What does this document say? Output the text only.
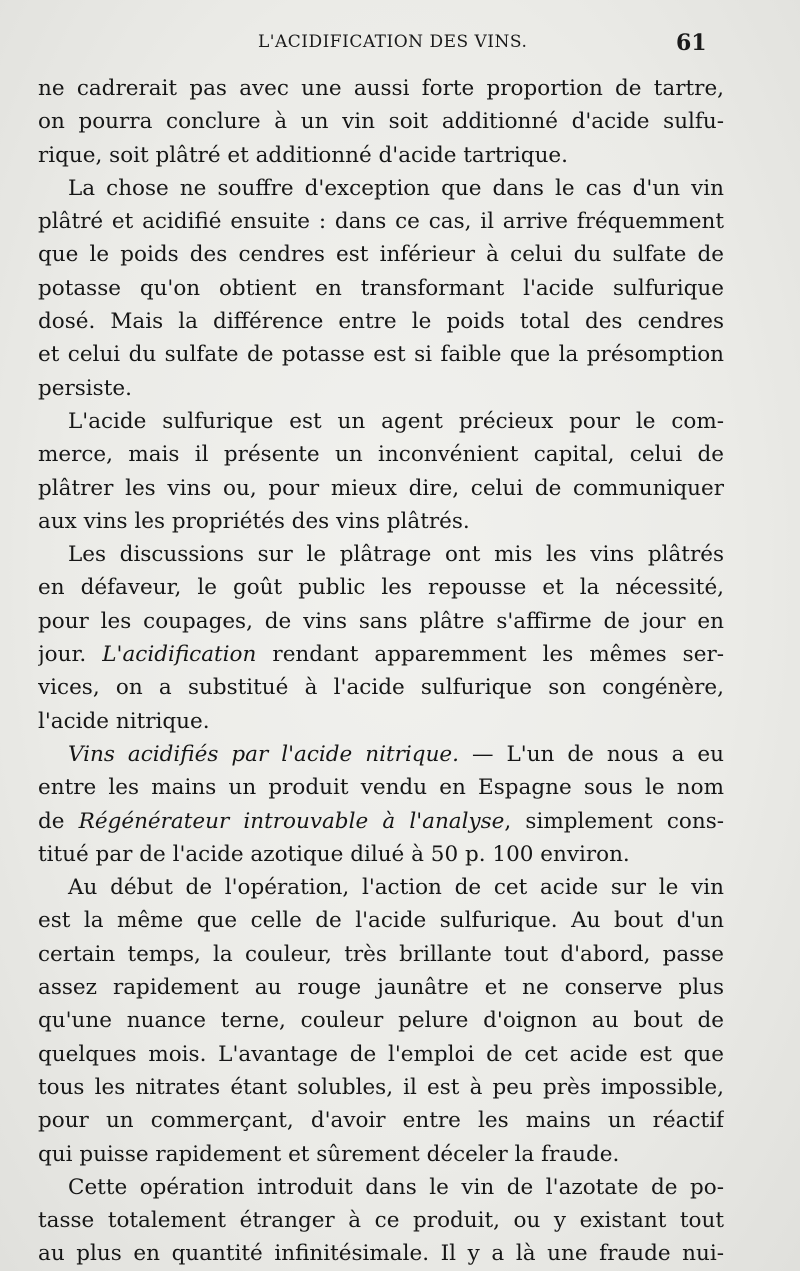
L'ACIDIFICATION DES VINS.	61
ne cadrerait pas avec une aussi forte proportion de tartre,
on pourra conclure à un vin soit additionné d'acide sulfu-
rique, soit plâtré et additionné d'acide tartrique.
La chose ne souffre d'exception que dans le cas d'un vin
plâtré et acidifié ensuite : dans ce cas, il arrive fréquemment
que le poids des cendres est inférieur à celui du sulfate de
potasse qu'on obtient en transformant l'acide sulfurique
dosé. Mais la différence entre le poids total des cendres
et celui du sulfate de potasse est si faible que la présomption
persiste.
L'acide sulfurique est un agent précieux pour le com-
merce, mais il présente un inconvénient capital, celui de
plâtrer les vins ou, pour mieux dire, celui de communiquer
aux vins les propriétés des vins plâtrés.
Les discussions sur le plâtrage ont mis les vins plâtrés
en défaveur, le goût public les repousse et la nécessité,
pour les coupages, de vins sans plâtre s'affirme de jour en
jour. L'acidification rendant apparemment les mêmes ser-
vices, on a substitué à l'acide sulfurique son congénère,
l'acide nitrique.
Vins acidifiés par l'acide nitrique. — L'un de nous a eu
entre les mains un produit vendu en Espagne sous le nom
de Régénérateur introuvable à l'analyse, simplement cons-
titué par de l'acide azotique dilué à 50 p. 100 environ.
Au début de l'opération, l'action de cet acide sur le vin
est la même que celle de l'acide sulfurique. Au bout d'un
certain temps, la couleur, très brillante tout d'abord, passe
assez rapidement au rouge jaunâtre et ne conserve plus
qu'une nuance terne, couleur pelure d'oignon au bout de
quelques mois. L'avantage de l'emploi de cet acide est que
tous les nitrates étant solubles, il est à peu près impossible,
pour un commerçant, d'avoir entre les mains un réactif
qui puisse rapidement et sûrement déceler la fraude.
Cette opération introduit dans le vin de l'azotate de po-
tasse totalement étranger à ce produit, ou y existant tout
au plus en quantité infinitésimale. Il y a là une fraude nui-
